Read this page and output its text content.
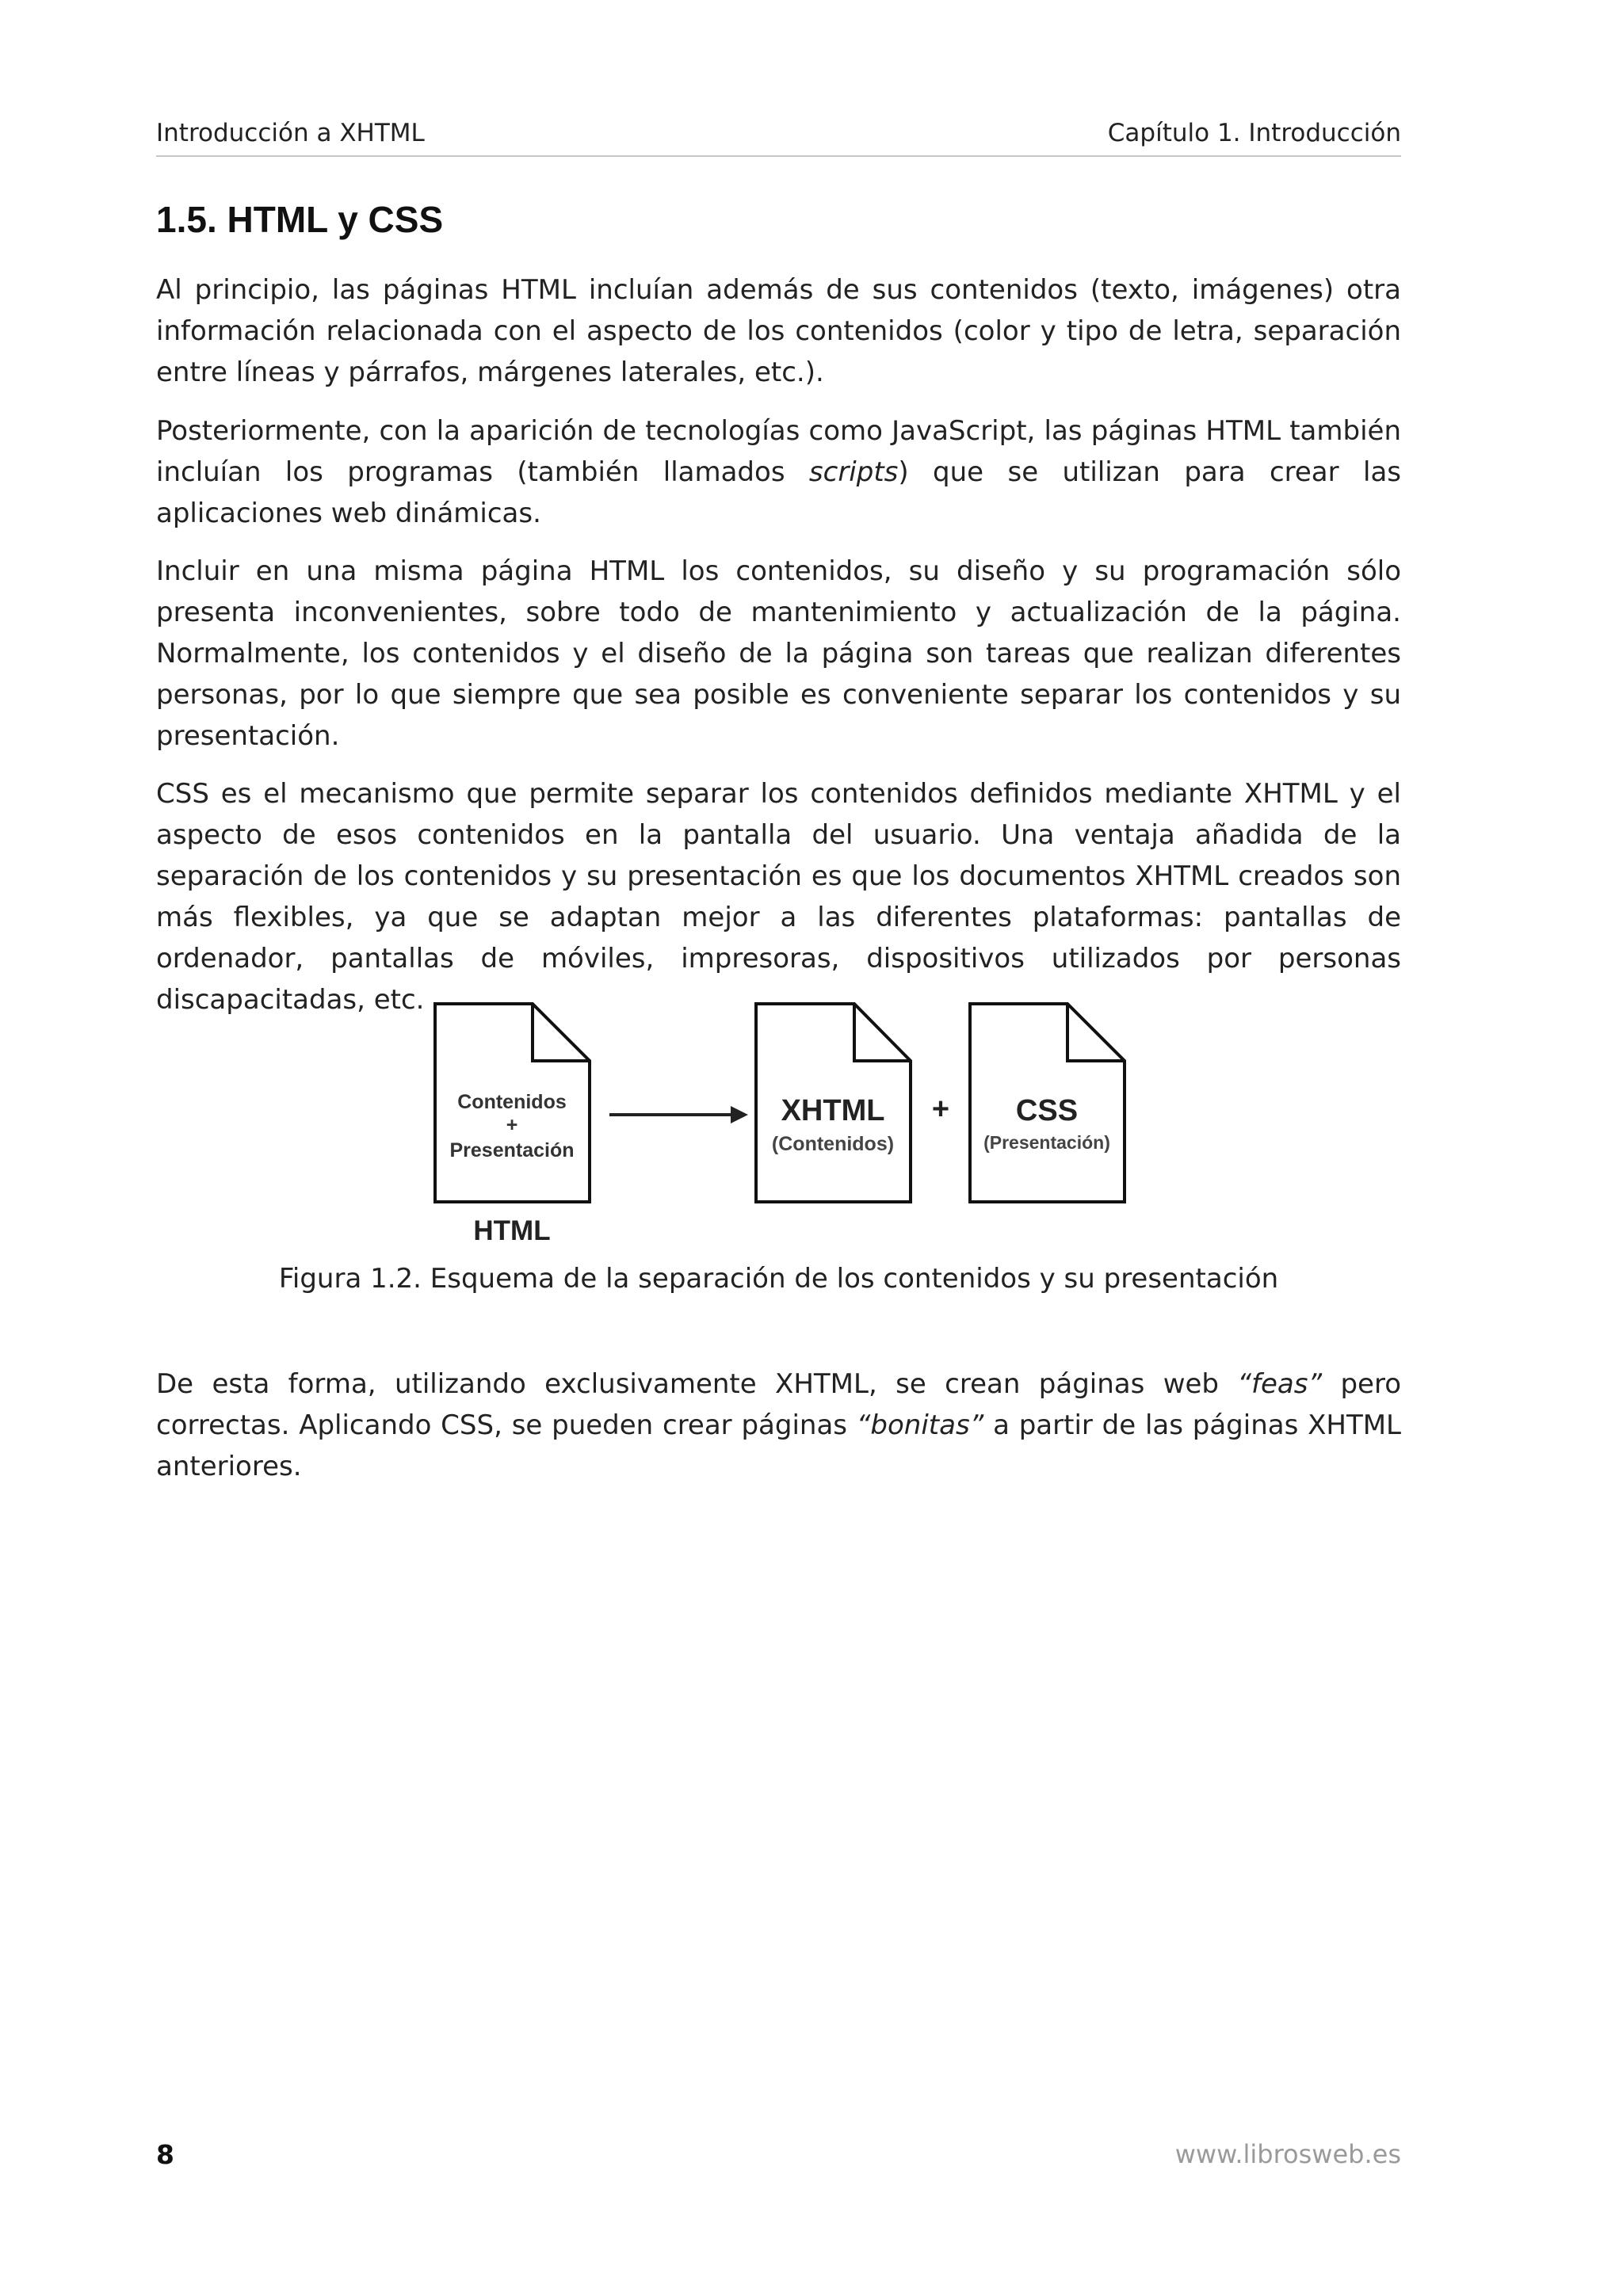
Introducción a XHTML	Capítulo 1. Introducción
1.5. HTML y CSS

Al principio, las páginas HTML incluían además de sus contenidos (texto, imágenes) otra información relacionada con el aspecto de los contenidos (color y tipo de letra, separación entre líneas y párrafos, márgenes laterales, etc.).

Posteriormente, con la aparición de tecnologías como JavaScript, las páginas HTML también incluían los programas (también llamados scripts) que se utilizan para crear las aplicaciones web dinámicas.

Incluir en una misma página HTML los contenidos, su diseño y su programación sólo presenta inconvenientes, sobre todo de mantenimiento y actualización de la página. Normalmente, los contenidos y el diseño de la página son tareas que realizan diferentes personas, por lo que siempre que sea posible es conveniente separar los contenidos y su presentación.

CSS es el mecanismo que permite separar los contenidos definidos mediante XHTML y el aspecto de esos contenidos en la pantalla del usuario. Una ventaja añadida de la separación de los contenidos y su presentación es que los documentos XHTML creados son más flexibles, ya que se adaptan mejor a las diferentes plataformas: pantallas de ordenador, pantallas de móviles, impresoras, dispositivos utilizados por personas discapacitadas, etc.

Contenidos
+
Presentación
HTML
XHTML
(Contenidos)
+ CSS
(Presentación)

Figura 1.2. Esquema de la separación de los contenidos y su presentación

De esta forma, utilizando exclusivamente XHTML, se crean páginas web “feas” pero correctas. Aplicando CSS, se pueden crear páginas “bonitas” a partir de las páginas XHTML anteriores.

8	www.librosweb.es
